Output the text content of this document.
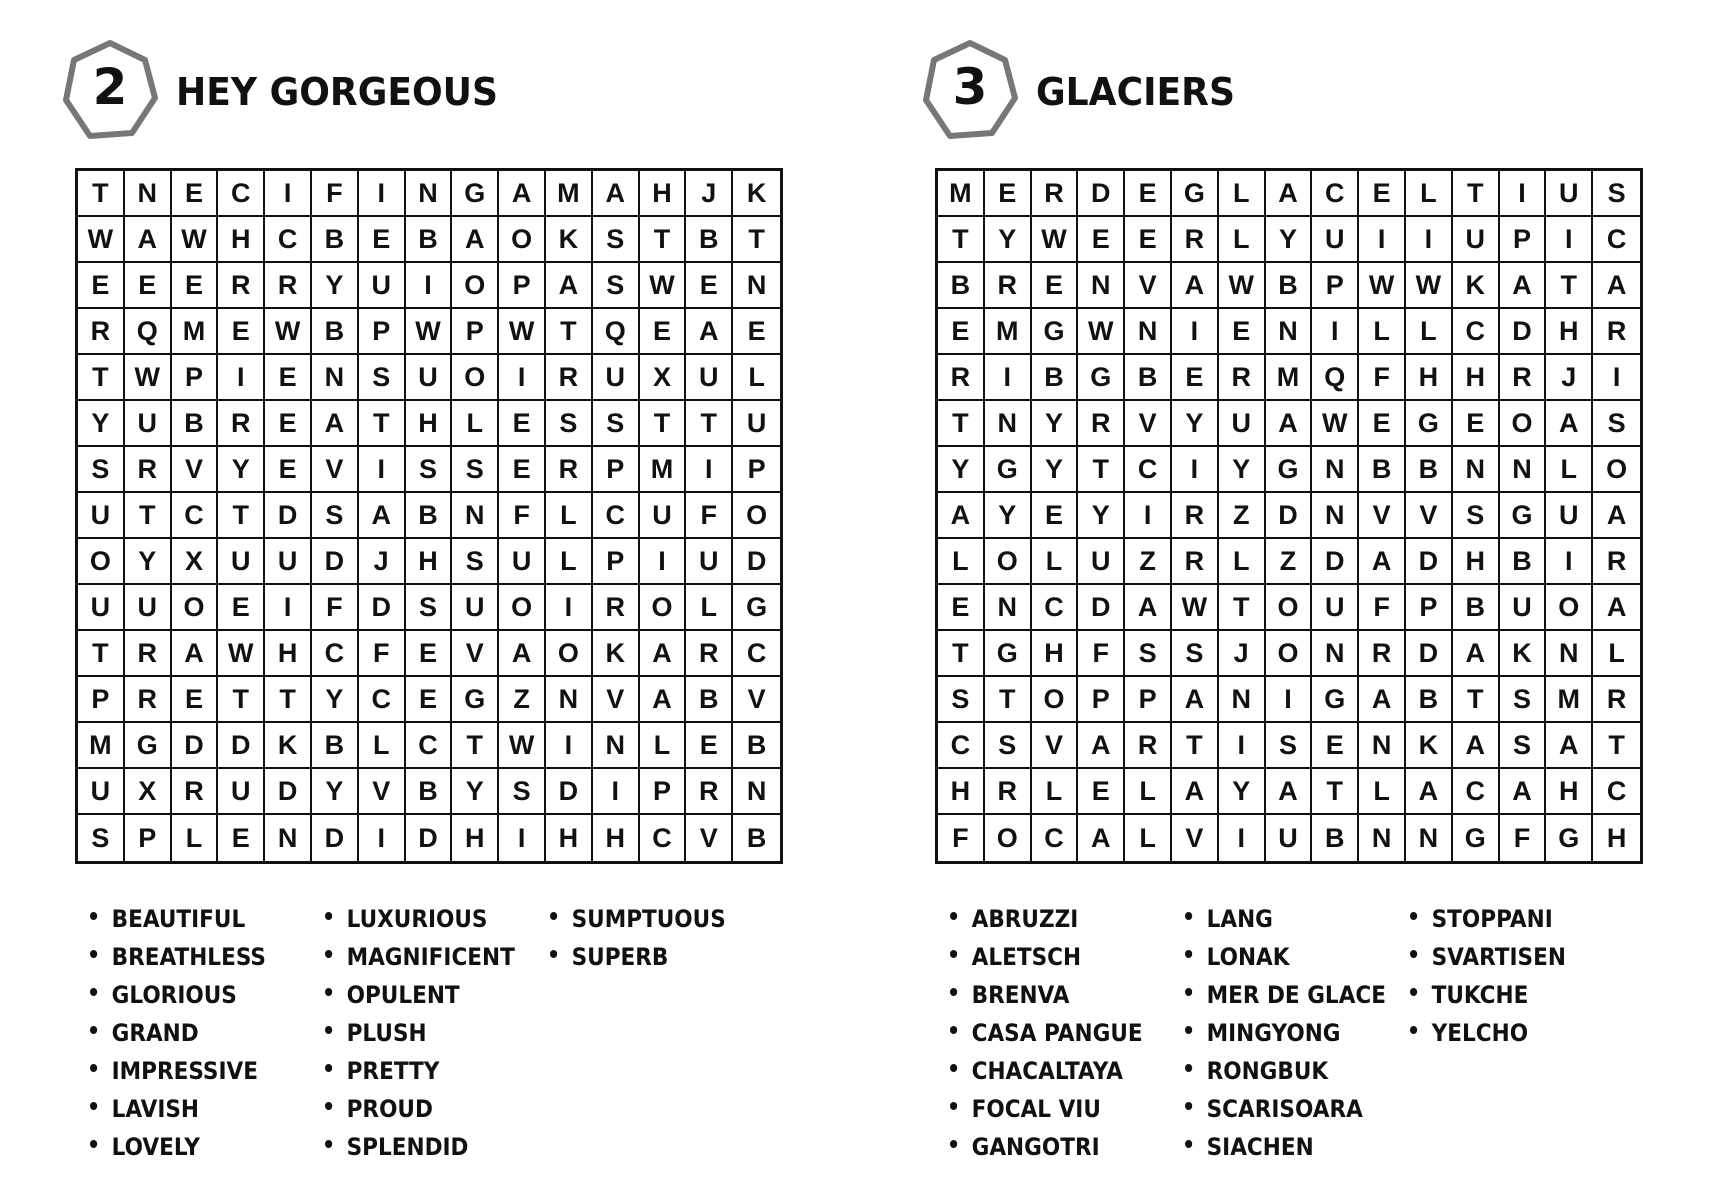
2	HEY GORGEOUS
T	N	E	C	I	F	I	N G A M A	H	J	K
W A W H	C	B	E	B	A O K	S	T	B	T
E	E	E	R	R	Y	U	I	O	P	A	S W E	N
R Q M E W B	P W P W T	Q	E	A	E
T W P	I	E	N	S	U O	I	R	U	X	U	L
Y	U	B	R	E	A	T	H	L	E	S	S	T	T	U
S	R	V	Y	E	V	I	S	S	E	R	P M	I	P
U	T	C	T	D	S	A	B	N	F	L	C	U	F	O
O	Y	X	U	U	D	J	H	S	U	L	P	I	U	D
U	U O	E	I	F	D	S	U O	I	R O	L	G
T	R	A W H	C	F	E	V	A O K	A	R	C
P	R	E	T	T	Y	C	E	G	Z	N	V	A	B	V
M G D	D	K	B	L	C	T W	I	N	L	E	B
U	X	R	U	D	Y	V	B	Y	S	D	I	P	R	N
S	P	L	E	N	D	I	D	H	I	H	H	C	V	B
BEAUTIFUL
BREATHLESS
GLORIOUS
GRAND
IMPRESSIVE
LAVISH
LOVELY
LUXURIOUS
MAGNIFICENT
OPULENT
PLUSH
PRETTY
PROUD
SPLENDID
SUMPTUOUS
SUPERB
3	GLACIERS
M E	R	D	E	G	L	A	C	E	L	T	I	U	S
T	Y W E	E	R	L	Y	U	I	I	U	P	I	C
B	R	E	N	V	A W B	P W W K	A	T	A
E M G W N	I	E	N	I	L	L	C	D	H	R
R	I	B G B	E	R M Q	F	H	H	R	J	I
T	N	Y	R	V	Y	U	A W E	G	E	O A	S
Y	G	Y	T	C	I	Y	G N	B	B	N	N	L	O
A	Y	E	Y	I	R	Z	D	N	V	V	S	G U	A
L	O	L	U	Z	R	L	Z	D	A	D	H	B	I	R
E	N	C	D	A W T	O U	F	P	B	U O	A
T	G H	F	S	S	J	O N	R	D	A	K	N	L
S	T	O	P	P	A	N	I	G A	B	T	S M R
C	S	V	A	R	T	I	S	E	N	K	A	S	A	T
H	R	L	E	L	A	Y	A	T	L	A	C	A	H	C
F	O C	A	L	V	I	U	B	N	N G	F	G	H
ABRUZZI
ALETSCH
BRENVA
CASA PANGUE
CHACALTAYA
FOCAL VIU
GANGOTRI
LANG
LONAK
MER DE GLACE
MINGYONG
RONGBUK
SCARISOARA
SIACHEN
STOPPANI
SVARTISEN
TUKCHE
YELCHO
